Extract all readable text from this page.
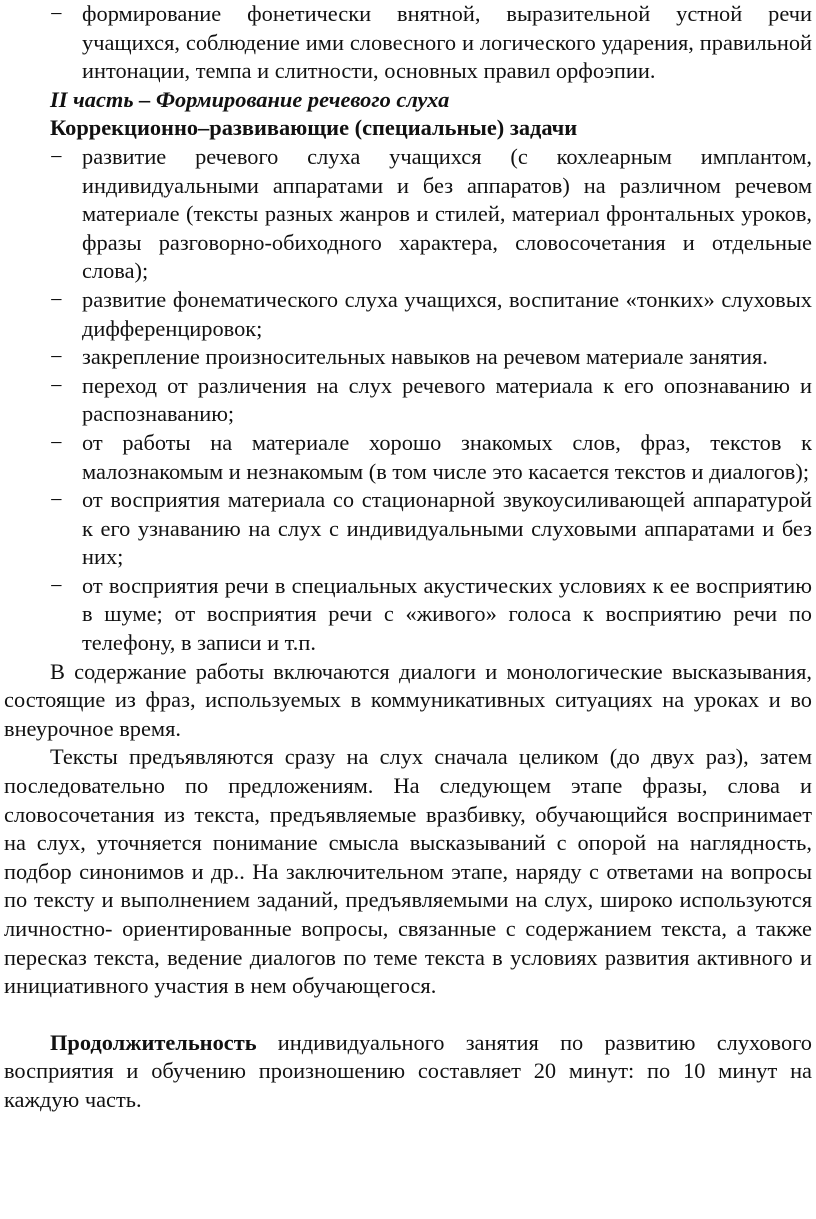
− формирование фонетически внятной, выразительной устной речи учащихся, соблюдение ими словесного и логического ударения, правильной интонации, темпа и слитности, основных правил орфоэпии.

II часть – Формирование речевого слуха

Коррекционно–развивающие (специальные) задачи

− развитие речевого слуха учащихся (с кохлеарным имплантом, индивидуальными аппаратами и без аппаратов) на различном речевом материале (тексты разных жанров и стилей, материал фронтальных уроков, фразы разговорно-обиходного характера, словосочетания и отдельные слова);

− развитие фонематического слуха учащихся, воспитание «тонких» слуховых дифференцировок;

− закрепление произносительных навыков на речевом материале занятия.

− переход от различения на слух речевого материала к его опознаванию и распознаванию;

− от работы на материале хорошо знакомых слов, фраз, текстов к малознакомым и незнакомым (в том числе это касается текстов и диалогов);

− от восприятия материала со стационарной звукоусиливающей аппаратурой к его узнаванию на слух с индивидуальными слуховыми аппаратами и без них;

− от восприятия речи в специальных акустических условиях к ее восприятию в шуме; от восприятия речи с «живого» голоса к восприятию речи по телефону, в записи и т.п.

В содержание работы включаются диалоги и монологические высказывания, состоящие из фраз, используемых в коммуникативных ситуациях на уроках и во внеурочное время.

Тексты предъявляются сразу на слух сначала целиком (до двух раз), затем последовательно по предложениям. На следующем этапе фразы, слова и словосочетания из текста, предъявляемые вразбивку, обучающийся воспринимает на слух, уточняется понимание смысла высказываний с опорой на наглядность, подбор синонимов и др.. На заключительном этапе, наряду с ответами на вопросы по тексту и выполнением заданий, предъявляемыми на слух, широко используются личностно- ориентированные вопросы, связанные с содержанием текста, а также пересказ текста, ведение диалогов по теме текста в условиях развития активного и инициативного участия в нем обучающегося.

Продолжительность индивидуального занятия по развитию слухового восприятия и обучению произношению составляет 20 минут: по 10 минут на каждую часть.
